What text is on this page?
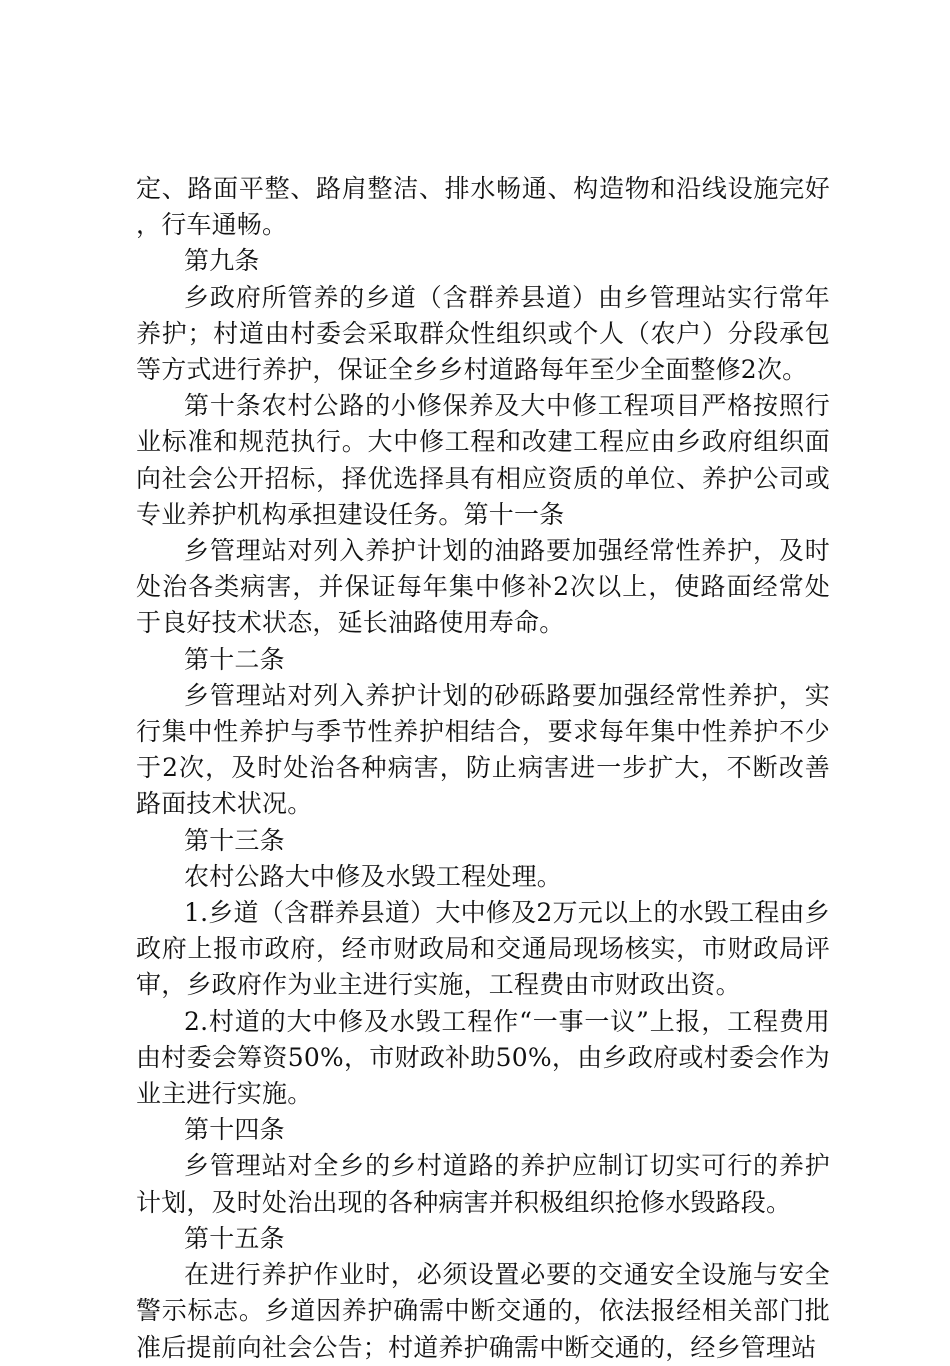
定、路面平整、路肩整洁、排水畅通、构造物和沿线设施完好，行车通畅。

第九条

乡政府所管养的乡道（含群养县道）由乡管理站实行常年养护；村道由村委会采取群众性组织或个人（农户）分段承包等方式进行养护，保证全乡乡村道路每年至少全面整修2次。

第十条农村公路的小修保养及大中修工程项目严格按照行业标准和规范执行。大中修工程和改建工程应由乡政府组织面向社会公开招标，择优选择具有相应资质的单位、养护公司或专业养护机构承担建设任务。第十一条

乡管理站对列入养护计划的油路要加强经常性养护，及时处治各类病害，并保证每年集中修补2次以上，使路面经常处于良好技术状态，延长油路使用寿命。

第十二条

乡管理站对列入养护计划的砂砾路要加强经常性养护，实行集中性养护与季节性养护相结合，要求每年集中性养护不少于2次，及时处治各种病害，防止病害进一步扩大，不断改善路面技术状况。

第十三条

农村公路大中修及水毁工程处理。

1.乡道（含群养县道）大中修及2万元以上的水毁工程由乡政府上报市政府，经市财政局和交通局现场核实，市财政局评审，乡政府作为业主进行实施，工程费由市财政出资。

2.村道的大中修及水毁工程作“一事一议”上报，工程费用由村委会筹资50%，市财政补助50%，由乡政府或村委会作为业主进行实施。

第十四条

乡管理站对全乡的乡村道路的养护应制订切实可行的养护计划，及时处治出现的各种病害并积极组织抢修水毁路段。

第十五条

在进行养护作业时，必须设置必要的交通安全设施与安全警示标志。乡道因养护确需中断交通的，依法报经相关部门批准后提前向社会公告；村道养护确需中断交通的，经乡管理站
